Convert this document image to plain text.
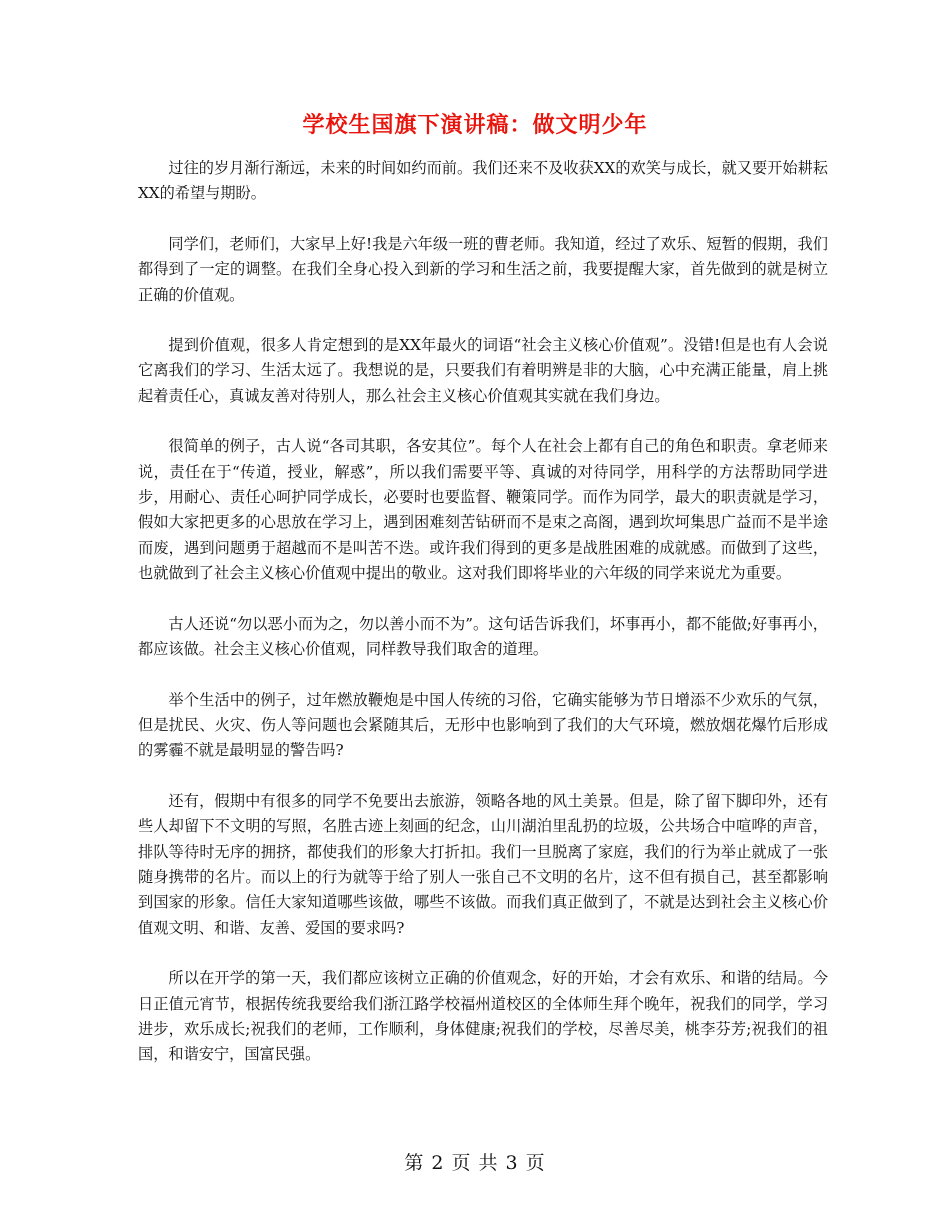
学校生国旗下演讲稿：做文明少年

过往的岁月渐行渐远，未来的时间如约而前。我们还来不及收获XX的欢笑与成长，就又要开始耕耘XX的希望与期盼。

同学们，老师们，大家早上好!我是六年级一班的曹老师。我知道，经过了欢乐、短暂的假期，我们都得到了一定的调整。在我们全身心投入到新的学习和生活之前，我要提醒大家，首先做到的就是树立正确的价值观。

提到价值观，很多人肯定想到的是XX年最火的词语“社会主义核心价值观”。没错!但是也有人会说它离我们的学习、生活太远了。我想说的是，只要我们有着明辨是非的大脑，心中充满正能量，肩上挑起着责任心，真诚友善对待别人，那么社会主义核心价值观其实就在我们身边。

很简单的例子，古人说“各司其职，各安其位”。每个人在社会上都有自己的角色和职责。拿老师来说，责任在于“传道，授业，解惑”，所以我们需要平等、真诚的对待同学，用科学的方法帮助同学进步，用耐心、责任心呵护同学成长，必要时也要监督、鞭策同学。而作为同学，最大的职责就是学习，假如大家把更多的心思放在学习上，遇到困难刻苦钻研而不是束之高阁，遇到坎坷集思广益而不是半途而废，遇到问题勇于超越而不是叫苦不迭。或许我们得到的更多是战胜困难的成就感。而做到了这些，也就做到了社会主义核心价值观中提出的敬业。这对我们即将毕业的六年级的同学来说尤为重要。

古人还说“勿以恶小而为之，勿以善小而不为”。这句话告诉我们，坏事再小，都不能做;好事再小，都应该做。社会主义核心价值观，同样教导我们取舍的道理。

举个生活中的例子，过年燃放鞭炮是中国人传统的习俗，它确实能够为节日增添不少欢乐的气氛，但是扰民、火灾、伤人等问题也会紧随其后，无形中也影响到了我们的大气环境，燃放烟花爆竹后形成的雾霾不就是最明显的警告吗?

还有，假期中有很多的同学不免要出去旅游，领略各地的风土美景。但是，除了留下脚印外，还有些人却留下不文明的写照，名胜古迹上刻画的纪念，山川湖泊里乱扔的垃圾，公共场合中喧哗的声音，排队等待时无序的拥挤，都使我们的形象大打折扣。我们一旦脱离了家庭，我们的行为举止就成了一张随身携带的名片。而以上的行为就等于给了别人一张自己不文明的名片，这不但有损自己，甚至都影响到国家的形象。信任大家知道哪些该做，哪些不该做。而我们真正做到了，不就是达到社会主义核心价值观文明、和谐、友善、爱国的要求吗?

所以在开学的第一天，我们都应该树立正确的价值观念，好的开始，才会有欢乐、和谐的结局。今日正值元宵节，根据传统我要给我们浙江路学校福州道校区的全体师生拜个晚年，祝我们的同学，学习进步，欢乐成长;祝我们的老师，工作顺利，身体健康;祝我们的学校，尽善尽美，桃李芬芳;祝我们的祖国，和谐安宁，国富民强。

第 2 页 共 3 页
